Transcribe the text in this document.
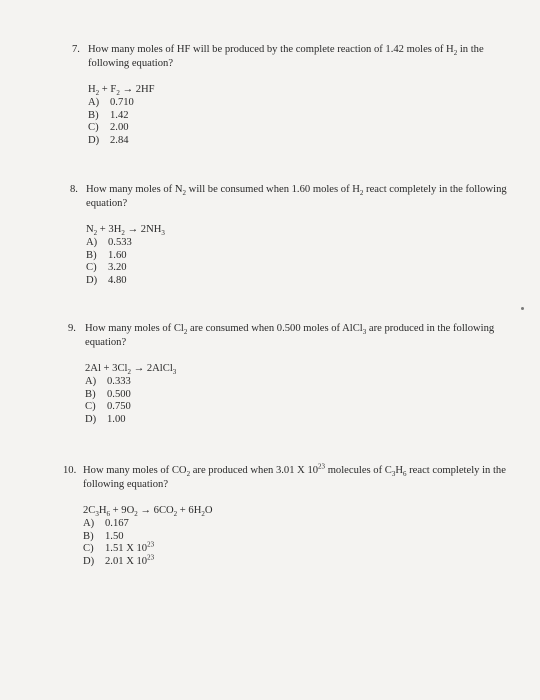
7. How many moles of HF will be produced by the complete reaction of 1.42 moles of $H_2$ in the following equation?
$H_2 + F_2 \to 2HF$
A)	0.710
B)	1.42
C)	2.00
D)	2.84
8. How many moles of $N_2$ will be consumed when 1.60 moles of $H_2$ react completely in the following equation?
$N_2 + 3H_2 \to 2NH_3$
A)	0.533
B)	1.60
C)	3.20
D)	4.80
9. How many moles of $Cl_2$ are consumed when 0.500 moles of AlCl$_3$ are produced in the following equation?
$2Al + 3Cl_2$ → 2AlCl$_3$
A)	0.333
B)	0.500
C)	0.750
D)	1.00
10. How many moles of $CO_2$ are produced when 3.01 X $10^{23}$ molecules of $C_3H_6$ react completely in the following equation?
$2C_3H_6 + 9O_2 \to 6CO_2 + 6H_2O$
A)	0.167
B)	1.50
C)	1.51 X $10^{23}$
D)	2.01 X $10^{23}$
